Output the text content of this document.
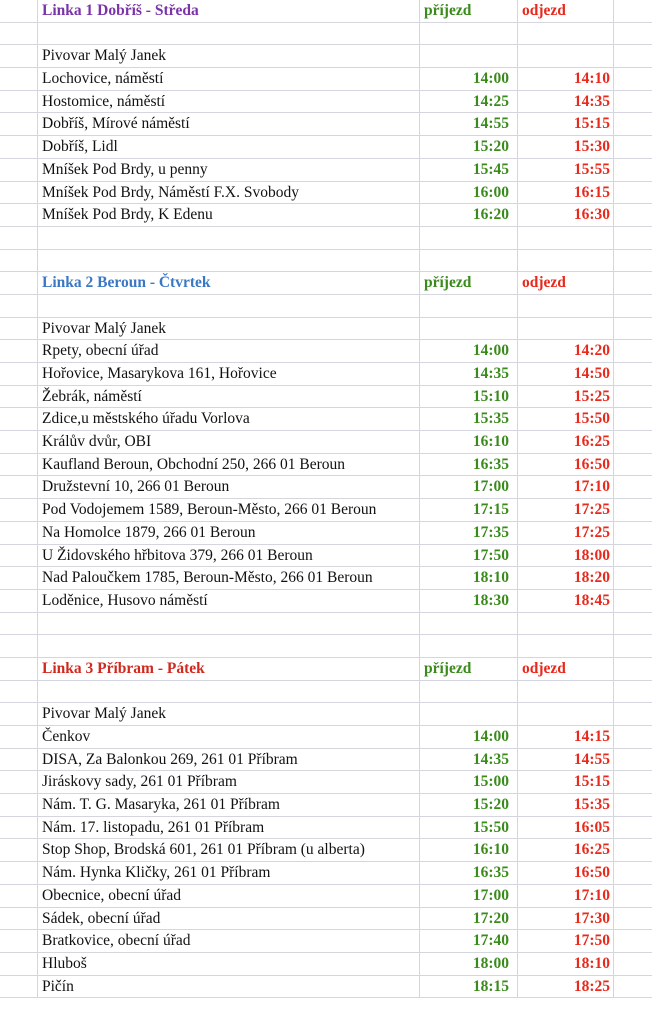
Linka 1 Dobříš - Středa	příjezd	odjezd
Pivovar Malý Janek
Lochovice, náměstí	14:00	14:10
Hostomice, náměstí	14:25	14:35
Dobříš, Mírové náměstí	14:55	15:15
Dobříš, Lidl	15:20	15:30
Mníšek Pod Brdy, u penny	15:45	15:55
Mníšek Pod Brdy, Náměstí F.X. Svobody	16:00	16:15
Mníšek Pod Brdy, K Edenu	16:20	16:30
Linka 2 Beroun - Čtvrtek	příjezd	odjezd
Pivovar Malý Janek
Rpety, obecní úřad	14:00	14:20
Hořovice, Masarykova 161, Hořovice	14:35	14:50
Žebrák, náměstí	15:10	15:25
Zdice,u městského úřadu Vorlova	15:35	15:50
Králův dvůr, OBI	16:10	16:25
Kaufland Beroun, Obchodní 250, 266 01 Beroun	16:35	16:50
Družstevní 10, 266 01 Beroun	17:00	17:10
Pod Vodojemem 1589, Beroun-Město, 266 01 Beroun	17:15	17:25
Na Homolce 1879, 266 01 Beroun	17:35	17:25
U Židovského hřbitova 379, 266 01 Beroun	17:50	18:00
Nad Paloučkem 1785, Beroun-Město, 266 01 Beroun	18:10	18:20
Loděnice, Husovo náměstí	18:30	18:45
Linka 3 Příbram - Pátek	příjezd	odjezd
Pivovar Malý Janek
Čenkov	14:00	14:15
DISA, Za Balonkou 269, 261 01 Příbram	14:35	14:55
Jiráskovy sady, 261 01 Příbram	15:00	15:15
Nám. T. G. Masaryka, 261 01 Příbram	15:20	15:35
Nám. 17. listopadu, 261 01 Příbram	15:50	16:05
Stop Shop, Brodská 601, 261 01 Příbram (u alberta)	16:10	16:25
Nám. Hynka Kličky, 261 01 Příbram	16:35	16:50
Obecnice, obecní úřad	17:00	17:10
Sádek, obecní úřad	17:20	17:30
Bratkovice, obecní úřad	17:40	17:50
Hluboš	18:00	18:10
Pičín	18:15	18:25
